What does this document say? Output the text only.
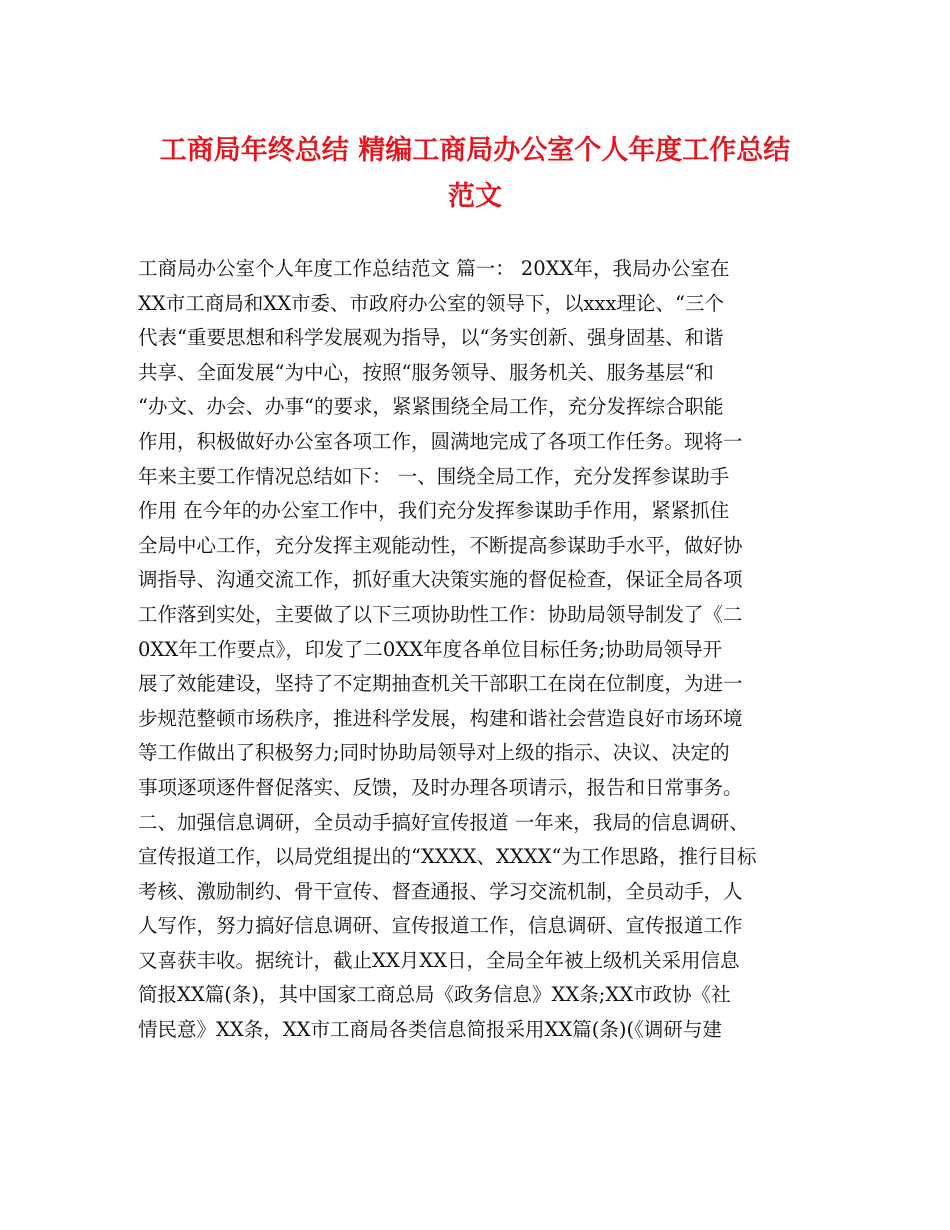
工商局年终总结 精编工商局办公室个人年度工作总结
范文
工商局办公室个人年度工作总结范文 篇一： 20XX年，我局办公室在
XX市工商局和XX市委、市政府办公室的领导下，以xxx理论、“三个
代表“重要思想和科学发展观为指导，以“务实创新、强身固基、和谐
共享、全面发展“为中心，按照“服务领导、服务机关、服务基层“和
“办文、办会、办事“的要求，紧紧围绕全局工作，充分发挥综合职能
作用，积极做好办公室各项工作，圆满地完成了各项工作任务。现将一
年来主要工作情况总结如下： 一、围绕全局工作，充分发挥参谋助手
作用 在今年的办公室工作中，我们充分发挥参谋助手作用，紧紧抓住
全局中心工作，充分发挥主观能动性，不断提高参谋助手水平，做好协
调指导、沟通交流工作，抓好重大决策实施的督促检查，保证全局各项
工作落到实处，主要做了以下三项协助性工作：协助局领导制发了《二
0XX年工作要点》，印发了二0XX年度各单位目标任务;协助局领导开
展了效能建设，坚持了不定期抽查机关干部职工在岗在位制度，为进一
步规范整顿市场秩序，推进科学发展，构建和谐社会营造良好市场环境
等工作做出了积极努力;同时协助局领导对上级的指示、决议、决定的
事项逐项逐件督促落实、反馈，及时办理各项请示，报告和日常事务。
二、加强信息调研，全员动手搞好宣传报道 一年来，我局的信息调研、
宣传报道工作，以局党组提出的“XXXX、XXXX“为工作思路，推行目标
考核、激励制约、骨干宣传、督查通报、学习交流机制，全员动手，人
人写作，努力搞好信息调研、宣传报道工作，信息调研、宣传报道工作
又喜获丰收。据统计，截止XX月XX日，全局全年被上级机关采用信息
简报XX篇(条)，其中国家工商总局《政务信息》XX条;XX市政协《社
情民意》XX条，XX市工商局各类信息简报采用XX篇(条)(《调研与建
